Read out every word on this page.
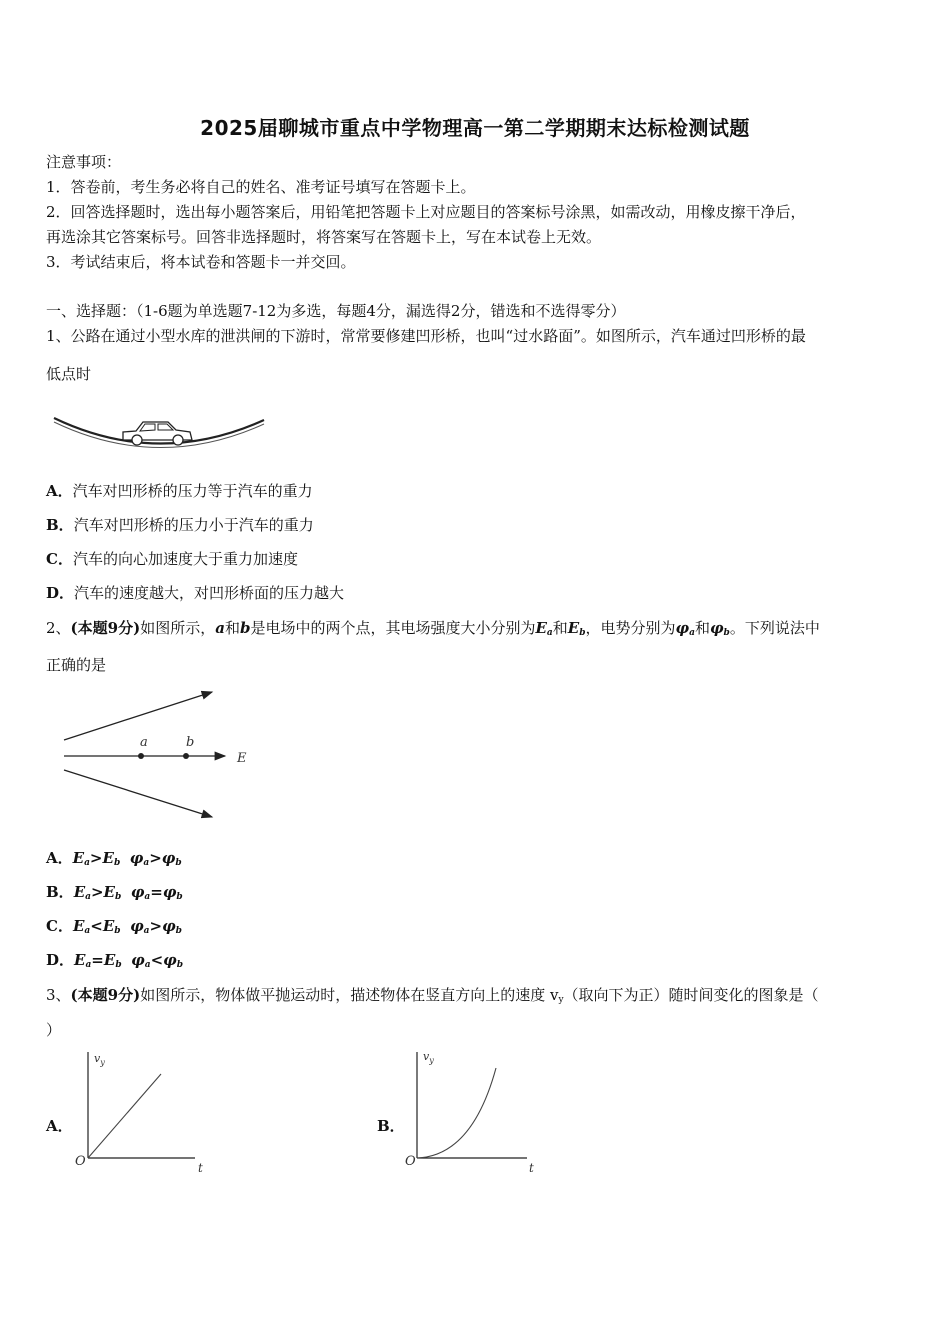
2025届聊城市重点中学物理高一第二学期期末达标检测试题
注意事项：
1．答卷前，考生务必将自己的姓名、准考证号填写在答题卡上。
2．回答选择题时，选出每小题答案后，用铅笔把答题卡上对应题目的答案标号涂黑，如需改动，用橡皮擦干净后，
再选涂其它答案标号。回答非选择题时，将答案写在答题卡上，写在本试卷上无效。
3．考试结束后，将本试卷和答题卡一并交回。
一、选择题：（1-6题为单选题7-12为多选，每题4分，漏选得2分，错选和不选得零分）
1、公路在通过小型水库的泄洪闸的下游时，常常要修建凹形桥，也叫“过水路面”。如图所示，汽车通过凹形桥的最
低点时
A．汽车对凹形桥的压力等于汽车的重力
B．汽车对凹形桥的压力小于汽车的重力
C．汽车的向心加速度大于重力加速度
D．汽车的速度越大，对凹形桥面的压力越大
2、(本题9分)如图所示，a和b是电场中的两个点，其电场强度大小分别为$E_a$和$E_b$，电势分别为$\varphi_a$和$\varphi_b$。下列说法中
正确的是
a	b
E
A．$E_a>E_b$ $\varphi_a>\varphi_b$
B．$E_a>E_b$ $\varphi_a=\varphi_b$
C．$E_a<E_b$ $\varphi_a>\varphi_b$
D．$E_a=E_b$ $\varphi_a<\varphi_b$
3、(本题9分)如图所示，物体做平抛运动时，描述物体在竖直方向上的速度 $v_y$（取向下为正）随时间变化的图象是（
）
A．
$v_y$
t
O
B．
$v_y$
t
O
